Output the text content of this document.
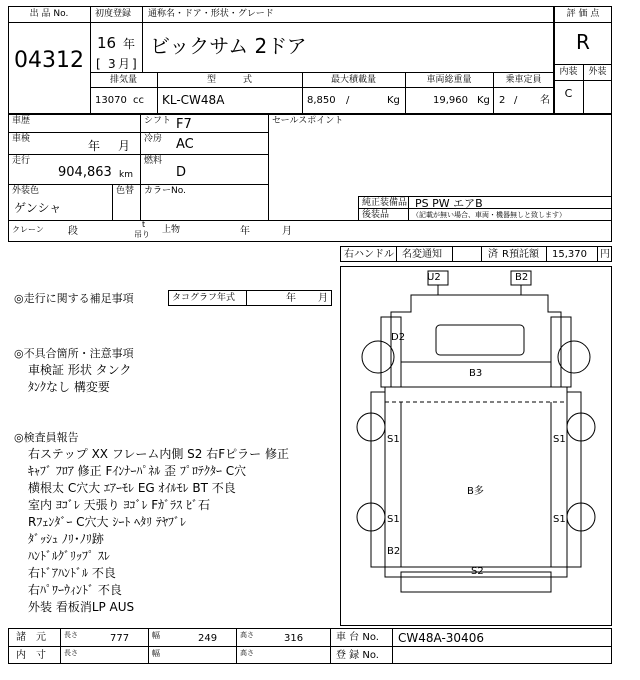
出 品 No.
04312
初度登録 通称名・ドア・形状・グレード
16 年
[ 3 月 ]
ビックサム 2ドア
評 価 点
R
内装	外装
C
排気量	型　　　式	最大積載量	車両総重量	乗車定員
13070 cc KL-CW48A	8,850 /	Kg	19,960 Kg 2 / 名
車歴	シフト F7	セールスポイント
車検	年 月 冷房 AC
走行
904,863 km
燃料
D
外装色
ゲンシャ
色替 カラーNo.
純正装備品 PS PW エアB
後装品	（記載が無い場合、車両・機器無しと致します）
クレーン 段
t
吊り 上物	年	月
右ハンドル 名変通知	済 R預託額 15,370 円
◎走行に関する補足事項	タコグラフ年式	年 月
◎不具合箇所・注意事項
車検証 形状 タンク
ﾀﾝｸなし 構変要
◎検査員報告
右ステップ XX フレーム内側 S2 右Fピラー 修正
ｷｬﾌﾞ ﾌﾛｱ 修正 Fｲﾝﾅｰﾊﾟﾈﾙ 歪 ﾌﾟﾛﾃｸﾀｰ C穴
横根太 C穴大 ｴｱｰﾓﾚ EG ｵｲﾙﾓﾚ BT 不良
室内 ﾖｺﾞﾚ 天張り ﾖｺﾞﾚ Fｶﾞﾗｽ ﾋﾞ石
Rﾌｪﾝﾀﾞｰ C穴大 ｼｰﾄ ﾍﾀﾘ ﾃﾔﾌﾞﾚ
ﾀﾞｯｼｭ ﾉﾘ･ﾉﾘ跡
ﾊﾝﾄﾞﾙｸﾞﾘｯﾌﾟ ｽﾚ
右ﾄﾞｱﾊﾝﾄﾞﾙ 不良
右ﾊﾟﾜｰｳｨﾝﾄﾞ 不良
外装 看板消LP AUS
U2	B2
D2
B3
S1	S1
B多
S1	S1
B2
S2
諸　元	長さ	777	幅	249	高さ	316	車 台 No. CW48A-30406
内　寸	長さ	幅	高さ	登 録 No.
